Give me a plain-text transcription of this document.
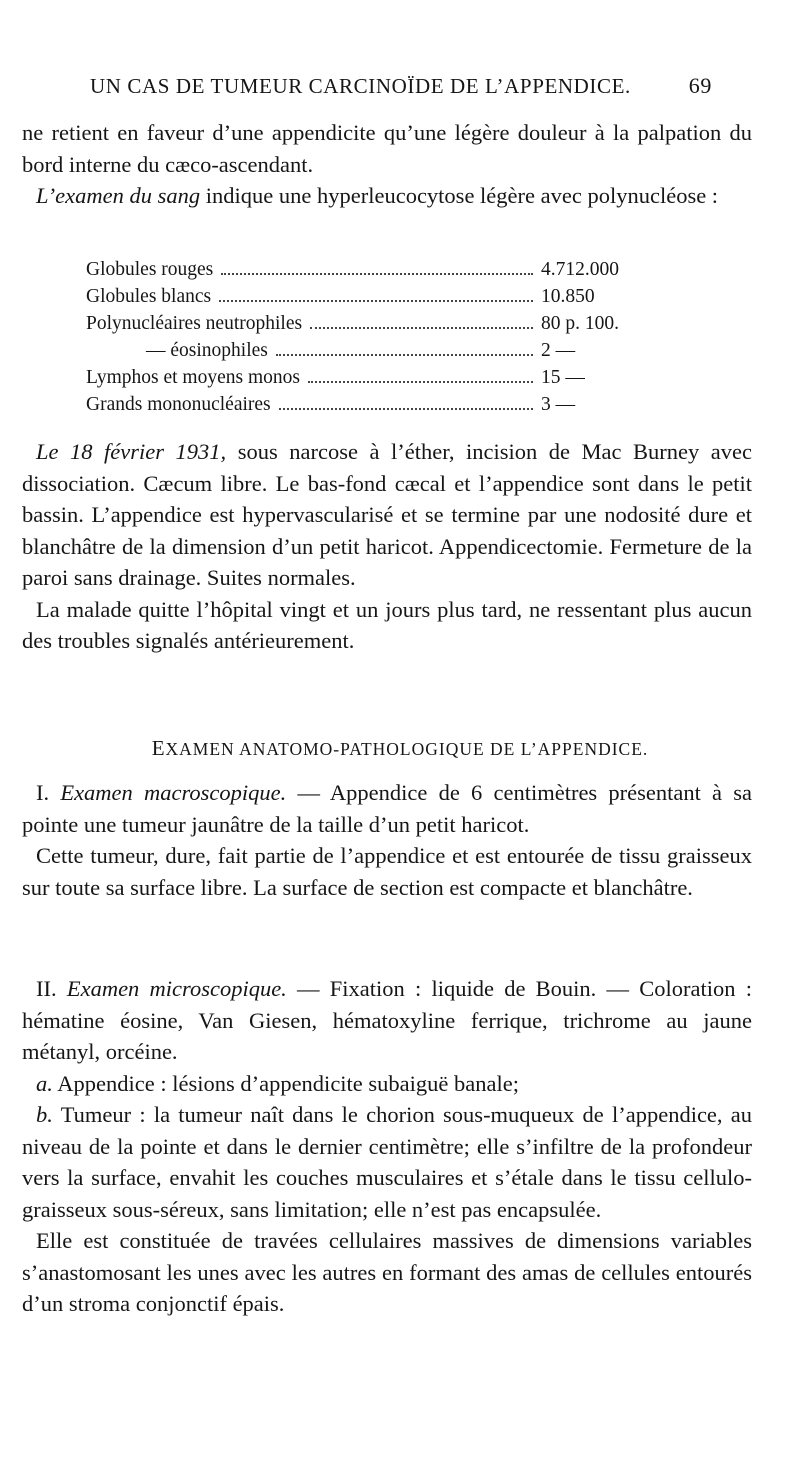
UN CAS DE TUMEUR CARCINOÏDE DE L’APPENDICE.	69

ne retient en faveur d’une appendicite qu’une légère douleur à la palpation du bord interne du cæco-ascendant.

L’examen du sang indique une hyperleucocytose légère avec polynucléose :

Globules rouges	4.712.000
Globules blancs	10.850
Polynucléaires neutrophiles	80 p. 100.
— éosinophiles	2 —
Lymphos et moyens monos	15 —
Grands mononucléaires	3 —

Le 18 février 1931, sous narcose à l’éther, incision de Mac Burney avec dissociation. Cæcum libre. Le bas-fond cæcal et l’appendice sont dans le petit bassin. L’appendice est hypervascularisé et se termine par une nodosité dure et blanchâtre de la dimension d’un petit haricot. Appendicectomie. Fermeture de la paroi sans drainage. Suites normales.

La malade quitte l’hôpital vingt et un jours plus tard, ne ressentant plus aucun des troubles signalés antérieurement.

EXAMEN ANATOMO-PATHOLOGIQUE DE L’APPENDICE.

I. Examen macroscopique. — Appendice de 6 centimètres présentant à sa pointe une tumeur jaunâtre de la taille d’un petit haricot.

Cette tumeur, dure, fait partie de l’appendice et est entourée de tissu graisseux sur toute sa surface libre. La surface de section est compacte et blanchâtre.

II. Examen microscopique. — Fixation : liquide de Bouin. — Coloration : hématine éosine, Van Giesen, hématoxyline ferrique, trichrome au jaune métanyl, orcéine.

a. Appendice : lésions d’appendicite subaiguë banale;

b. Tumeur : la tumeur naît dans le chorion sous-muqueux de l’appendice, au niveau de la pointe et dans le dernier centimètre; elle s’infiltre de la profondeur vers la surface, envahit les couches musculaires et s’étale dans le tissu cellulo-graisseux sous-séreux, sans limitation; elle n’est pas encapsulée.

Elle est constituée de travées cellulaires massives de dimensions variables s’anastomosant les unes avec les autres en formant des amas de cellules entourés d’un stroma conjonctif épais.
